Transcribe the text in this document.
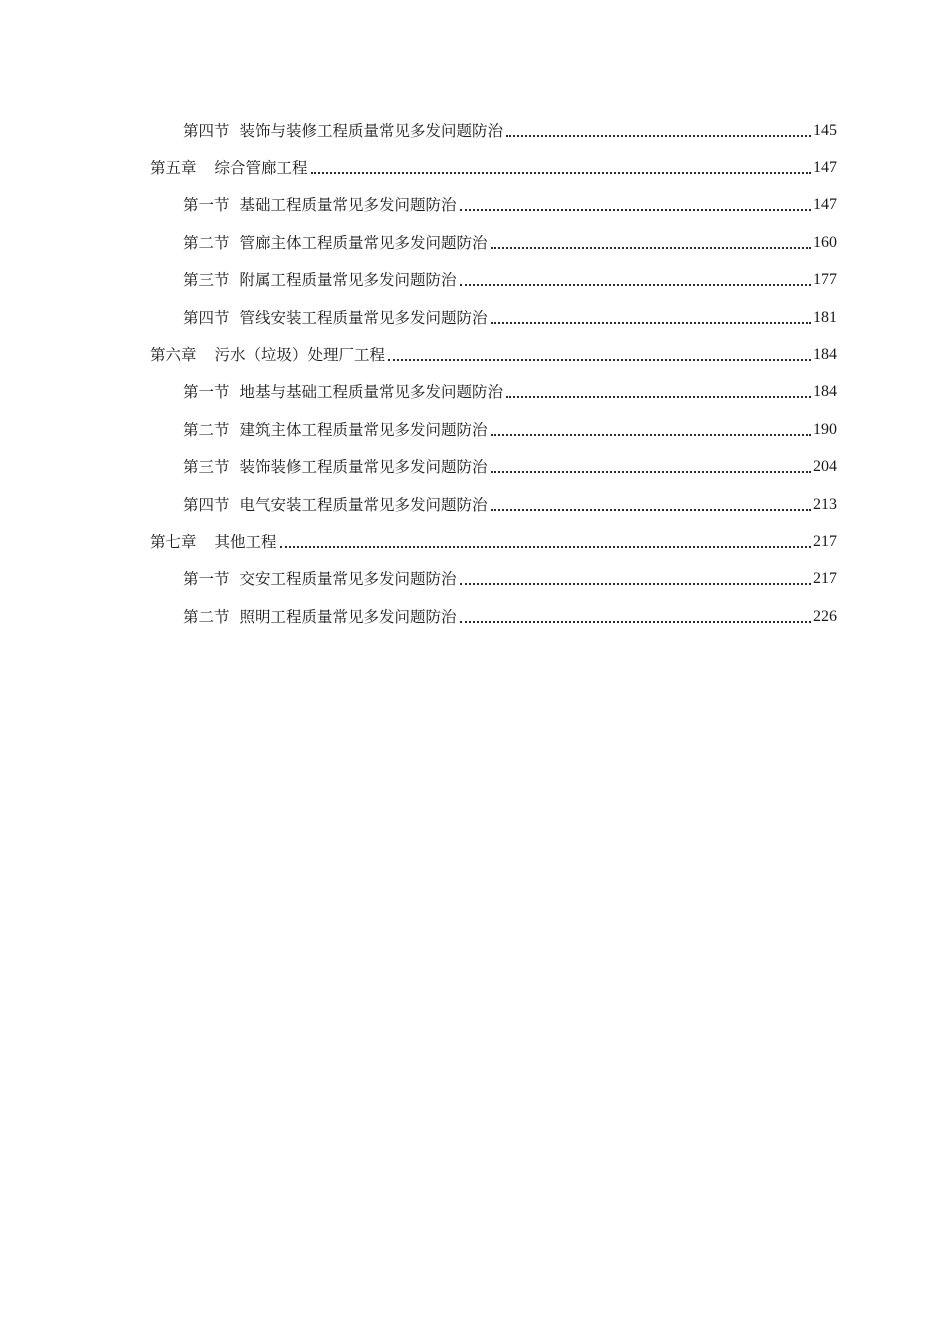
第四节 装饰与装修工程质量常见多发问题防治	145
第五章 综合管廊工程	147
第一节 基础工程质量常见多发问题防治	147
第二节 管廊主体工程质量常见多发问题防治	160
第三节 附属工程质量常见多发问题防治	177
第四节 管线安装工程质量常见多发问题防治	181
第六章 污水（垃圾）处理厂工程	184
第一节 地基与基础工程质量常见多发问题防治	184
第二节 建筑主体工程质量常见多发问题防治	190
第三节 装饰装修工程质量常见多发问题防治	204
第四节 电气安装工程质量常见多发问题防治	213
第七章 其他工程	217
第一节 交安工程质量常见多发问题防治	217
第二节 照明工程质量常见多发问题防治	226
